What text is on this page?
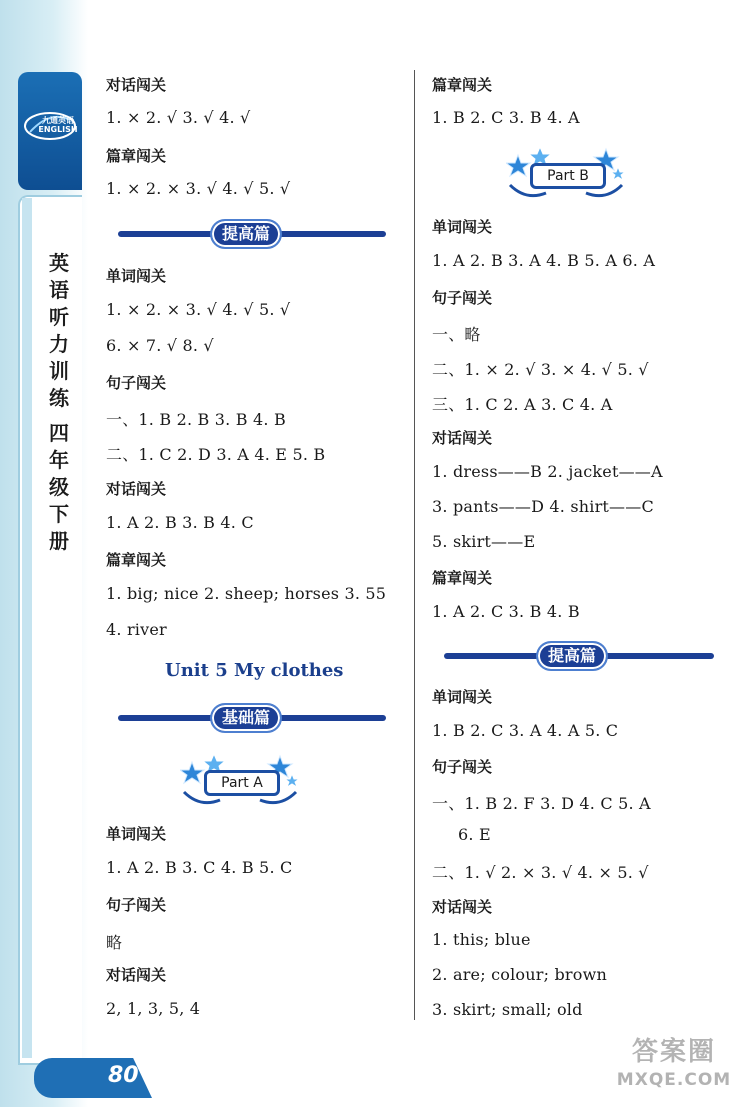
九通英语 ENGLISH
英语听力训练
四年级下册
80
对话闯关
1. × 2. √ 3. √ 4. √
篇章闯关
1. × 2. × 3. √ 4. √ 5. √
提高篇
单词闯关
1. × 2. × 3. √ 4. √ 5. √
6. × 7. √ 8. √
句子闯关
一、1. B 2. B 3. B 4. B
二、1. C 2. D 3. A 4. E 5. B
对话闯关
1. A 2. B 3. B 4. C
篇章闯关
1. big; nice 2. sheep; horses 3. 55
4. river
Unit 5 My clothes
基础篇
Part A
单词闯关
1. A 2. B 3. C 4. B 5. C
句子闯关
略
对话闯关
2, 1, 3, 5, 4
篇章闯关
1. B 2. C 3. B 4. A
Part B
单词闯关
1. A 2. B 3. A 4. B 5. A 6. A
句子闯关
一、略
二、1. × 2. √ 3. × 4. √ 5. √
三、1. C 2. A 3. C 4. A
对话闯关
1. dress——B 2. jacket——A
3. pants——D 4. shirt——C
5. skirt——E
篇章闯关
1. A 2. C 3. B 4. B
提高篇
单词闯关
1. B 2. C 3. A 4. A 5. C
句子闯关
一、1. B 2. F 3. D 4. C 5. A
6. E
二、1. √ 2. × 3. √ 4. × 5. √
对话闯关
1. this; blue
2. are; colour; brown
3. skirt; small; old
答案圈
MXQE.COM
